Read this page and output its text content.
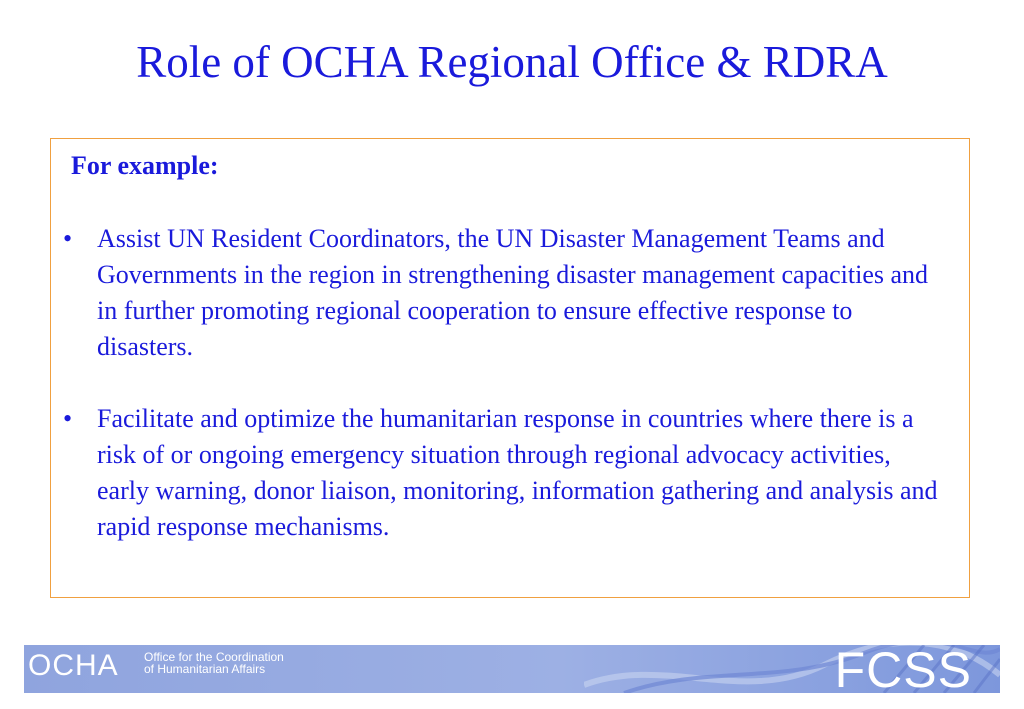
Role of OCHA Regional Office & RDRA
For example:
• Assist UN Resident Coordinators, the UN Disaster Management Teams and Governments in the region in strengthening disaster management capacities and in further promoting regional cooperation to ensure effective response to disasters.
• Facilitate and optimize the humanitarian response in countries where there is a risk of or ongoing emergency situation through regional advocacy activities, early warning, donor liaison, monitoring, information gathering and analysis and rapid response mechanisms.
OCHA Office for the Coordination
of Humanitarian Affairs	FCSS
